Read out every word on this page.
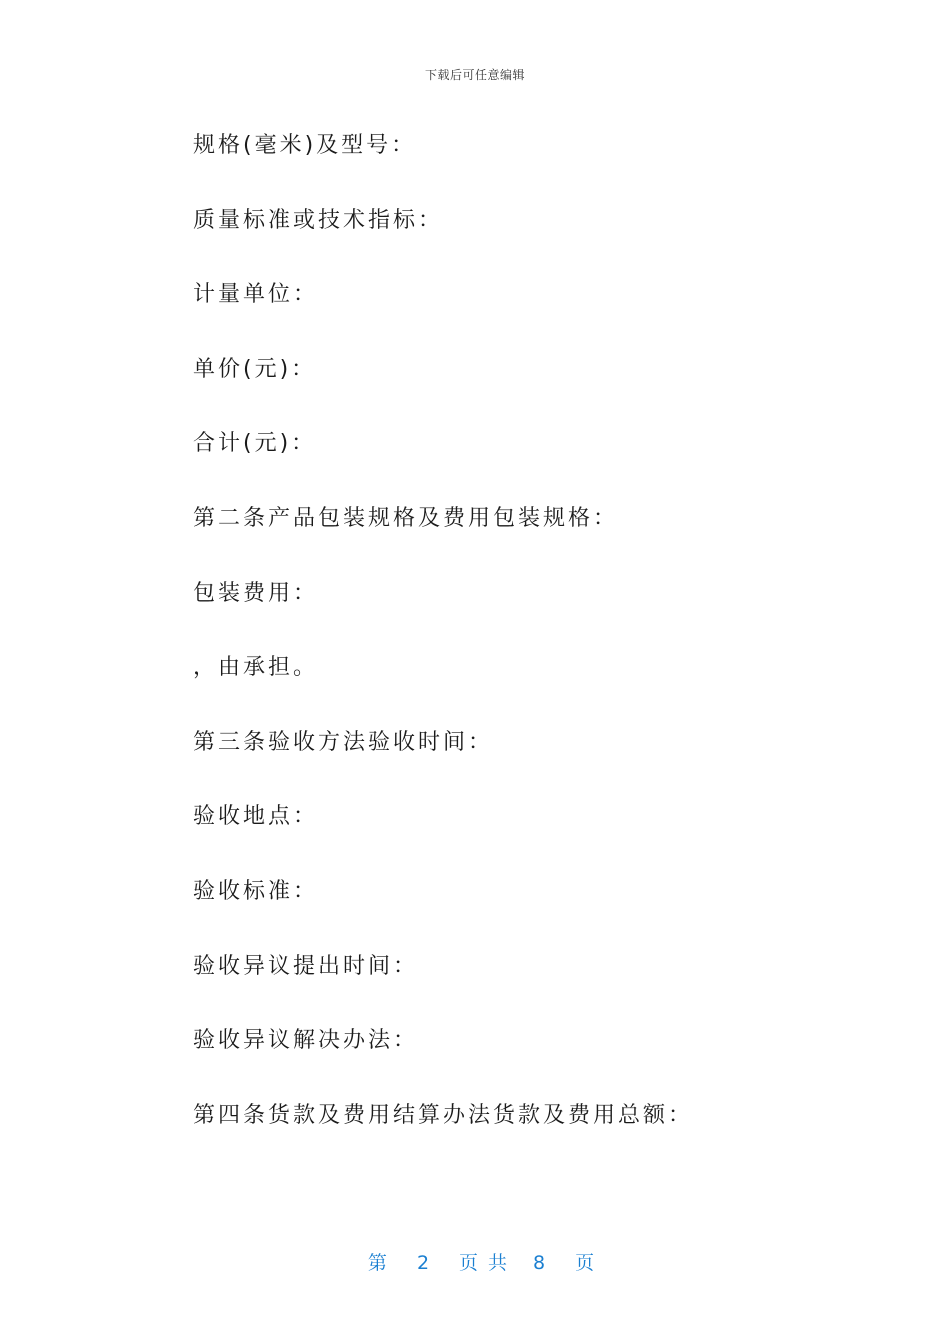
下载后可任意编辑
规格(毫米)及型号：
质量标准或技术指标：
计量单位：
单价(元)：
合计(元)：
第二条产品包装规格及费用包装规格：
包装费用：
，由承担。
第三条验收方法验收时间：
验收地点：
验收标准：
验收异议提出时间：
验收异议解决办法：
第四条货款及费用结算办法货款及费用总额：

第 2 页共 8 页
